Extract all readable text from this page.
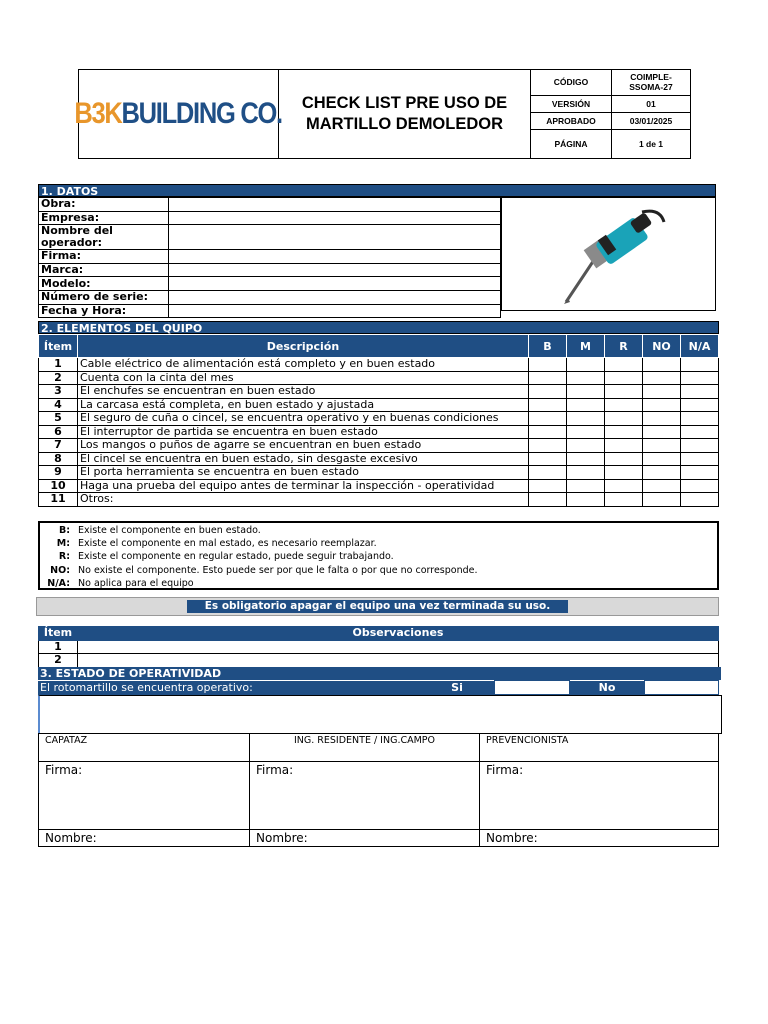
B3KBUILDING CO. CHECK LIST PRE USO DE
MARTILLO DEMOLEDOR
CÓDIGO	COIMPLE-
SSOMA-27
VERSIÓN	01
APROBADO	03/01/2025
PÁGINA	1 de 1
1. DATOS
Obra:	
Empresa:	
Nombre del operador:	
Firma:	
Marca:	
Modelo:	
Número de serie:	
Fecha y Hora:	
2. ELEMENTOS DEL QUIPO
Ítem	Descripción	B	M	R	NO	N/A
1	Cable eléctrico de alimentación está completo y en buen estado					
2	Cuenta con la cinta del mes					
3	El enchufes se encuentran en buen estado					
4	La carcasa está completa, en buen estado y ajustada					
5	El seguro de cuña o cincel, se encuentra operativo y en buenas condiciones					
6	El interruptor de partida se encuentra en buen estado					
7	Los mangos o puños de agarre se encuentran en buen estado					
8	El cincel se encuentra en buen estado, sin desgaste excesivo					
9	El porta herramienta se encuentra en buen estado					
10	Haga una prueba del equipo antes de terminar la inspección - operatividad					
11	Otros:					
B: Existe el componente en buen estado.
M: Existe el componente en mal estado, es necesario reemplazar.
R: Existe el componente en regular estado, puede seguir trabajando.
NO: No existe el componente. Esto puede ser por que le falta o por que no corresponde.
N/A: No aplica para el equipo
Es obligatorio apagar el equipo una vez terminada su uso.
Ítem	Observaciones
1	
2	
3. ESTADO DE OPERATIVIDAD
El rotomartillo se encuentra operativo:	Si		No	
CAPATAZ	ING. RESIDENTE / ING.CAMPO	PREVENCIONISTA
Firma:	Firma:	Firma:
Nombre:	Nombre:	Nombre:
